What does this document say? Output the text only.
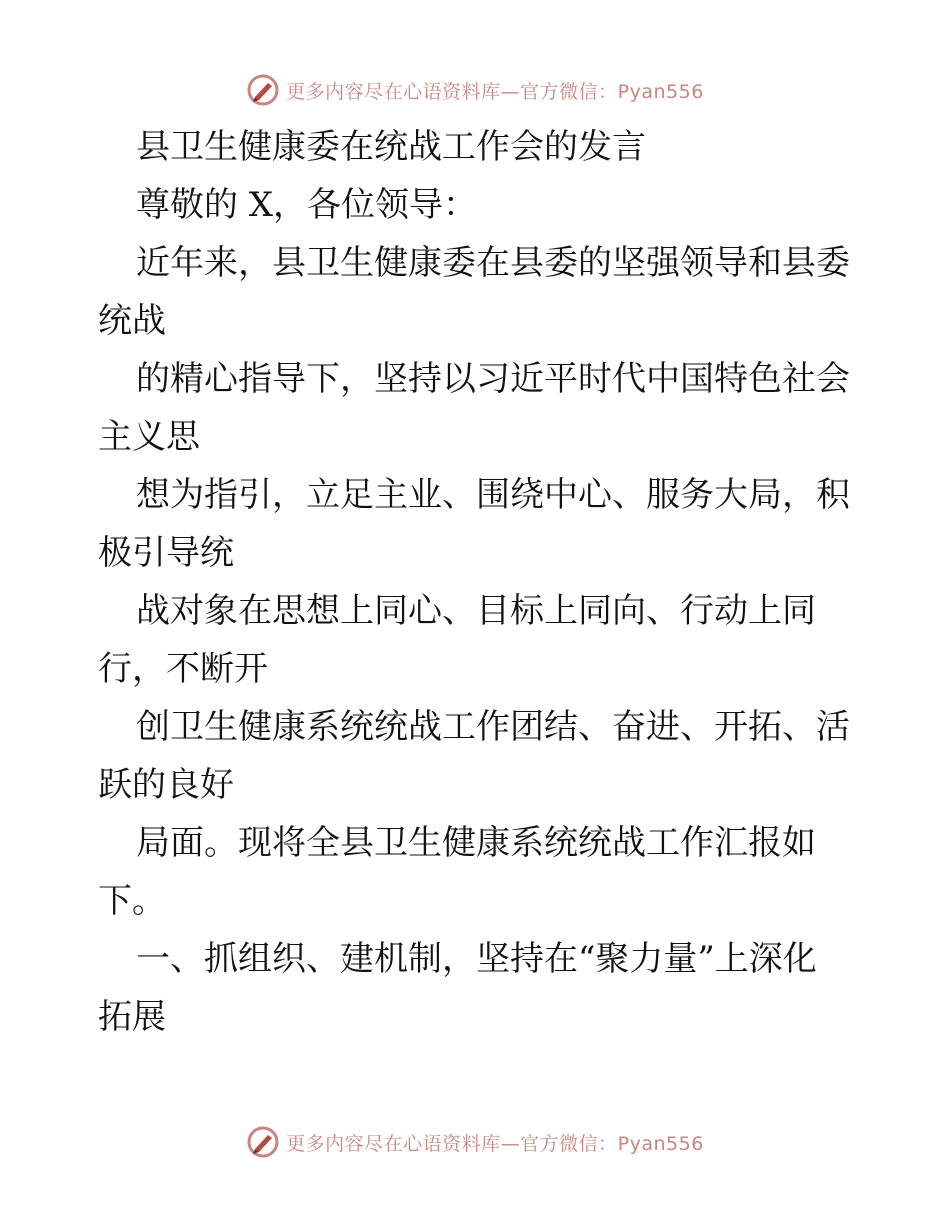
更多内容尽在心语资料库—官方微信：Pyan556

县卫生健康委在统战工作会的发言

尊敬的 X，各位领导：

近年来，县卫生健康委在县委的坚强领导和县委

统战

的精心指导下，坚持以习近平时代中国特色社会

主义思

想为指引，立足主业、围绕中心、服务大局，积

极引导统

战对象在思想上同心、目标上同向、行动上同

行，不断开

创卫生健康系统统战工作团结、奋进、开拓、活

跃的良好

局面。现将全县卫生健康系统统战工作汇报如

下。

一、抓组织、建机制，坚持在“聚力量”上深化

拓展

更多内容尽在心语资料库—官方微信：Pyan556
